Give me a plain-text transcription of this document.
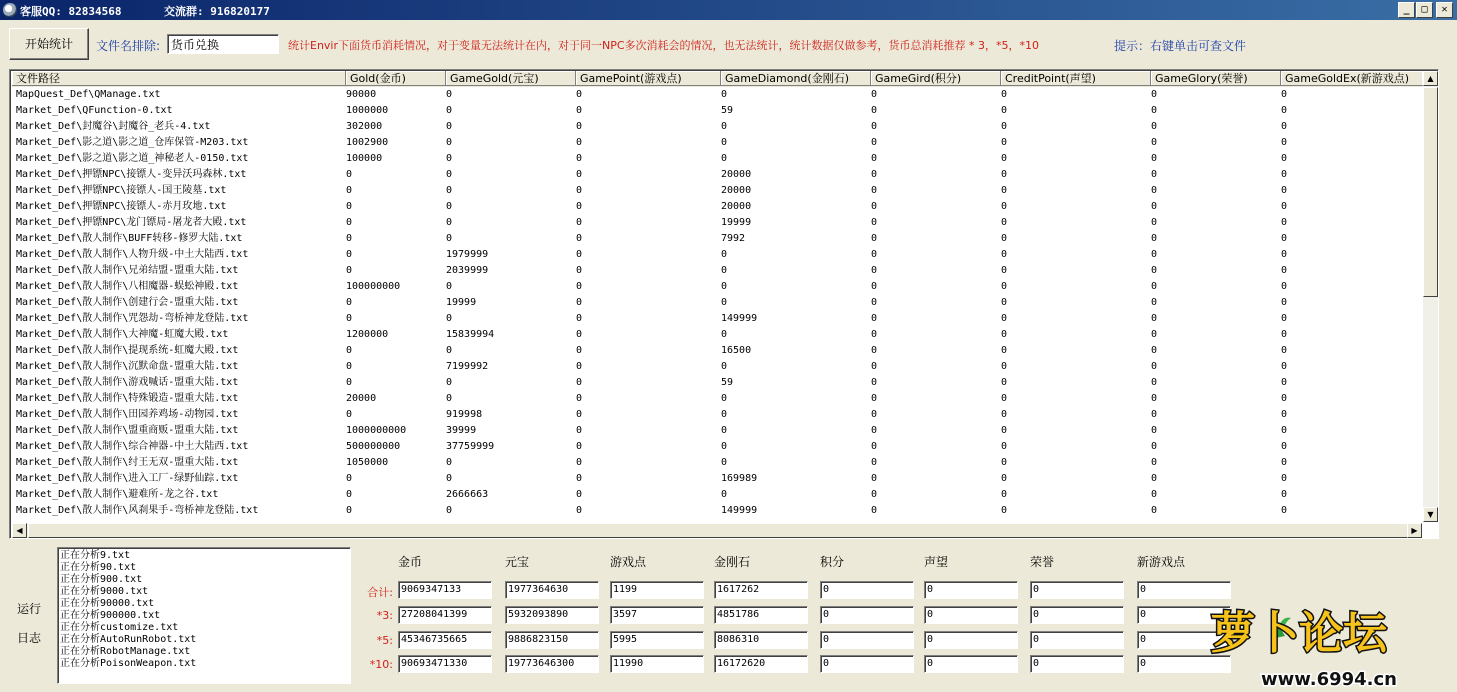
客服QQ: 82834568	交流群: 916820177	_	□	✕
开始统计	文件名排除:
货币兑换	统计Envir下面货币消耗情况，对于变量无法统计在内，对于同一NPC多次消耗会的情况，也无法统计，统计数据仅做参考，货币总消耗推荐 * 3，*5，*10	提示：右键单击可查文件
文件路径	Gold(金币)	GameGold(元宝)	GamePoint(游戏点)	GameDiamond(金刚石)	GameGird(积分)	CreditPoint(声望)	GameGlory(荣誉)	GameGoldEx(新游戏点)
MapQuest_Def\QManage.txt	90000	0	0	0	0	0	0	0
Market_Def\QFunction-0.txt	1000000	0	0	59	0	0	0	0
Market_Def\封魔谷\封魔谷_老兵-4.txt	302000	0	0	0	0	0	0	0
Market_Def\影之道\影之道_仓库保管-M203.txt	1002900	0	0	0	0	0	0	0
Market_Def\影之道\影之道_神秘老人-0150.txt	100000	0	0	0	0	0	0	0
Market_Def\押镖NPC\接镖人-变异沃玛森林.txt	0	0	0	20000	0	0	0	0
Market_Def\押镖NPC\接镖人-国王陵墓.txt	0	0	0	20000	0	0	0	0
Market_Def\押镖NPC\接镖人-赤月玫地.txt	0	0	0	20000	0	0	0	0
Market_Def\押镖NPC\龙门镖局-屠龙者大殿.txt	0	0	0	19999	0	0	0	0
Market_Def\散人制作\BUFF转移-修罗大陆.txt	0	0	0	7992	0	0	0	0
Market_Def\散人制作\人物升级-中土大陆西.txt	0	1979999	0	0	0	0	0	0
Market_Def\散人制作\兄弟结盟-盟重大陆.txt	0	2039999	0	0	0	0	0	0
Market_Def\散人制作\八相魔器-蜈蚣神殿.txt	100000000	0	0	0	0	0	0	0
Market_Def\散人制作\创建行会-盟重大陆.txt	0	19999	0	0	0	0	0	0
Market_Def\散人制作\咒怨劫-弯桥神龙登陆.txt	0	0	0	149999	0	0	0	0
Market_Def\散人制作\大神魔-虹魔大殿.txt	1200000	15839994	0	0	0	0	0	0
Market_Def\散人制作\提现系统-虹魔大殿.txt	0	0	0	16500	0	0	0	0
Market_Def\散人制作\沉默命盘-盟重大陆.txt	0	7199992	0	0	0	0	0	0
Market_Def\散人制作\游戏喊话-盟重大陆.txt	0	0	0	59	0	0	0	0
Market_Def\散人制作\特殊锻造-盟重大陆.txt	20000	0	0	0	0	0	0	0
Market_Def\散人制作\田园养鸡场-动物园.txt	0	919998	0	0	0	0	0	0
Market_Def\散人制作\盟重商贩-盟重大陆.txt	1000000000	39999	0	0	0	0	0	0
Market_Def\散人制作\综合神器-中土大陆西.txt	500000000	37759999	0	0	0	0	0	0
Market_Def\散人制作\纣王无双-盟重大陆.txt	1050000	0	0	0	0	0	0	0
Market_Def\散人制作\进入工厂-绿野仙踪.txt	0	0	0	169989	0	0	0	0
Market_Def\散人制作\避难所-龙之谷.txt	0	2666663	0	0	0	0	0	0
Market_Def\散人制作\风刹果手-弯桥神龙登陆.txt	0	0	0	149999	0	0	0	0
▲
▼
◀	▶
运行
日志
正在分析9.txt
正在分析90.txt
正在分析900.txt
正在分析9000.txt
正在分析90000.txt
正在分析900000.txt
正在分析customize.txt
正在分析AutoRunRobot.txt
正在分析RobotManage.txt
正在分析PoisonWeapon.txt
金币	元宝	游戏点	金刚石	积分	声望	荣誉	新游戏点
合计: 9069347133	1977364630	1199	1617262	0	0	0	0
*3: 27208041399	5932093890	3597	4851786	0	0	0	0
*5: 45346735665	9886823150	5995	8086310	0	0	0	0
*10: 90693471330	19773646300	11990	16172620	0	0	0	0
萝卜论坛
www.6994.cn
